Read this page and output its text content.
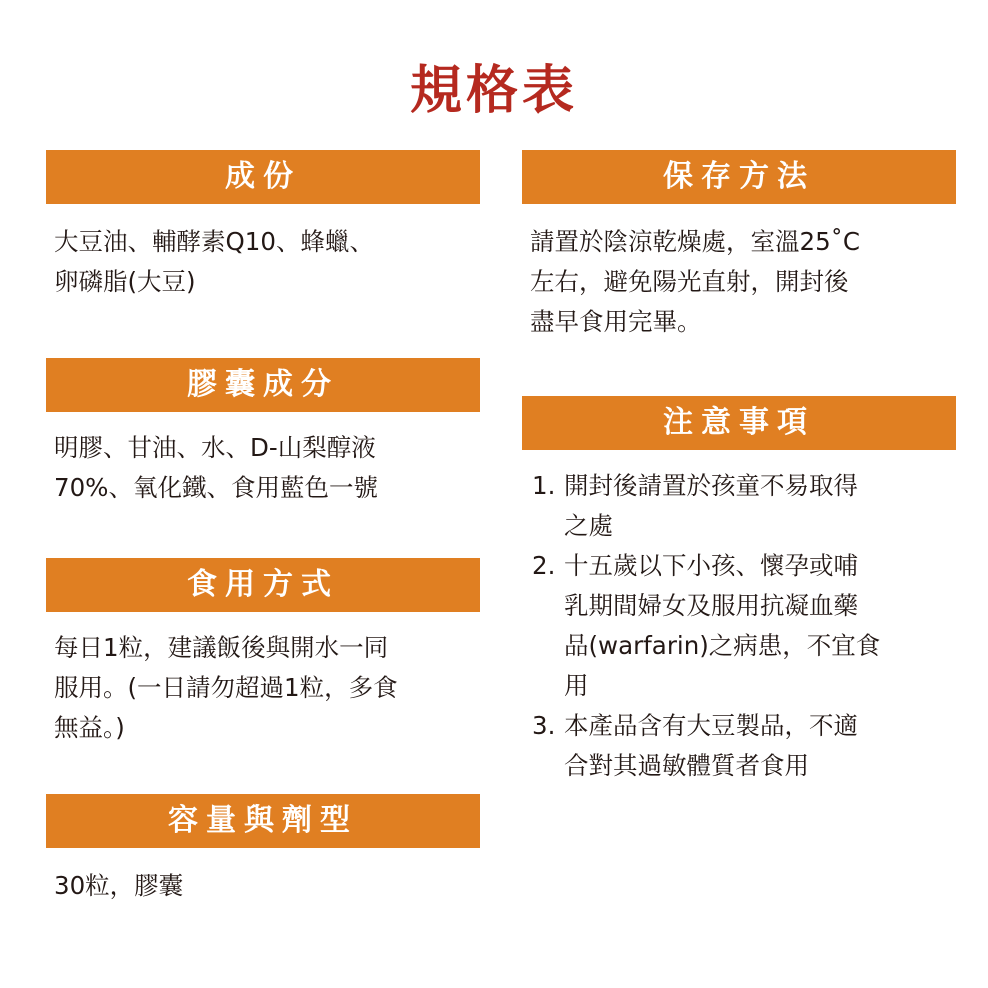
規格表
成份

大豆油、輔酵素Q10、蜂蠟、
卵磷脂(大豆)

膠囊成分

明膠、甘油、水、D-山梨醇液
70%、氧化鐵、食用藍色一號

食用方式

每日1粒，建議飯後與開水一同
服用。(一日請勿超過1粒，多食
無益。)

容量與劑型

30粒，膠囊

保存方法

請置於陰涼乾燥處，室溫25˚C
左右，避免陽光直射，開封後
盡早食用完畢。

注意事項
1. 開封後請置於孩童不易取得
之處
2. 十五歲以下小孩、懷孕或哺
乳期間婦女及服用抗凝血藥
品(warfarin)之病患，不宜食
用
3. 本產品含有大豆製品，不適
合對其過敏體質者食用
